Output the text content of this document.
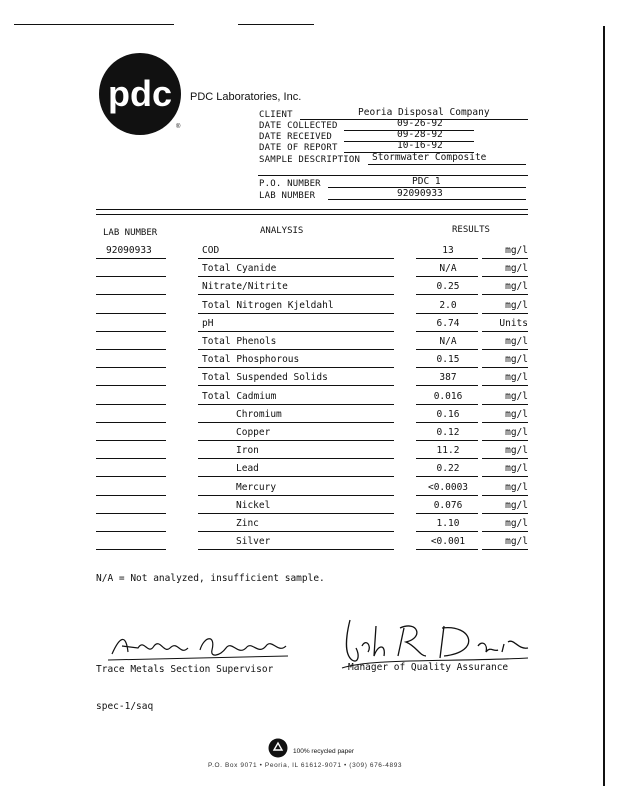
pdc
®
PDC Laboratories, Inc.
CLIENT	Peoria Disposal Company
DATE COLLECTED	09-26-92
DATE RECEIVED	09-28-92
DATE OF REPORT	10-16-92
SAMPLE DESCRIPTION Stormwater Composite
P.O. NUMBER	PDC 1
LAB NUMBER	92090933
LAB NUMBER	ANALYSIS	RESULTS
92090933	COD	13	mg/l
Total Cyanide	N/A	mg/l
Nitrate/Nitrite	0.25	mg/l
Total Nitrogen Kjeldahl	2.0	mg/l
pH	6.74	Units
Total Phenols	N/A	mg/l
Total Phosphorous	0.15	mg/l
Total Suspended Solids	387	mg/l
Total Cadmium	0.016	mg/l
Chromium	0.16	mg/l
Copper	0.12	mg/l
Iron	11.2	mg/l
Lead	0.22	mg/l
Mercury	<0.0003	mg/l
Nickel	0.076	mg/l
Zinc	1.10	mg/l
Silver	<0.001	mg/l
N/A = Not analyzed, insufficient sample.
Trace Metals Section Supervisor	Manager of Quality Assurance
spec-1/saq
100% recycled paper
P.O. Box 9071 • Peoria, IL 61612-9071 • (309) 676-4893
